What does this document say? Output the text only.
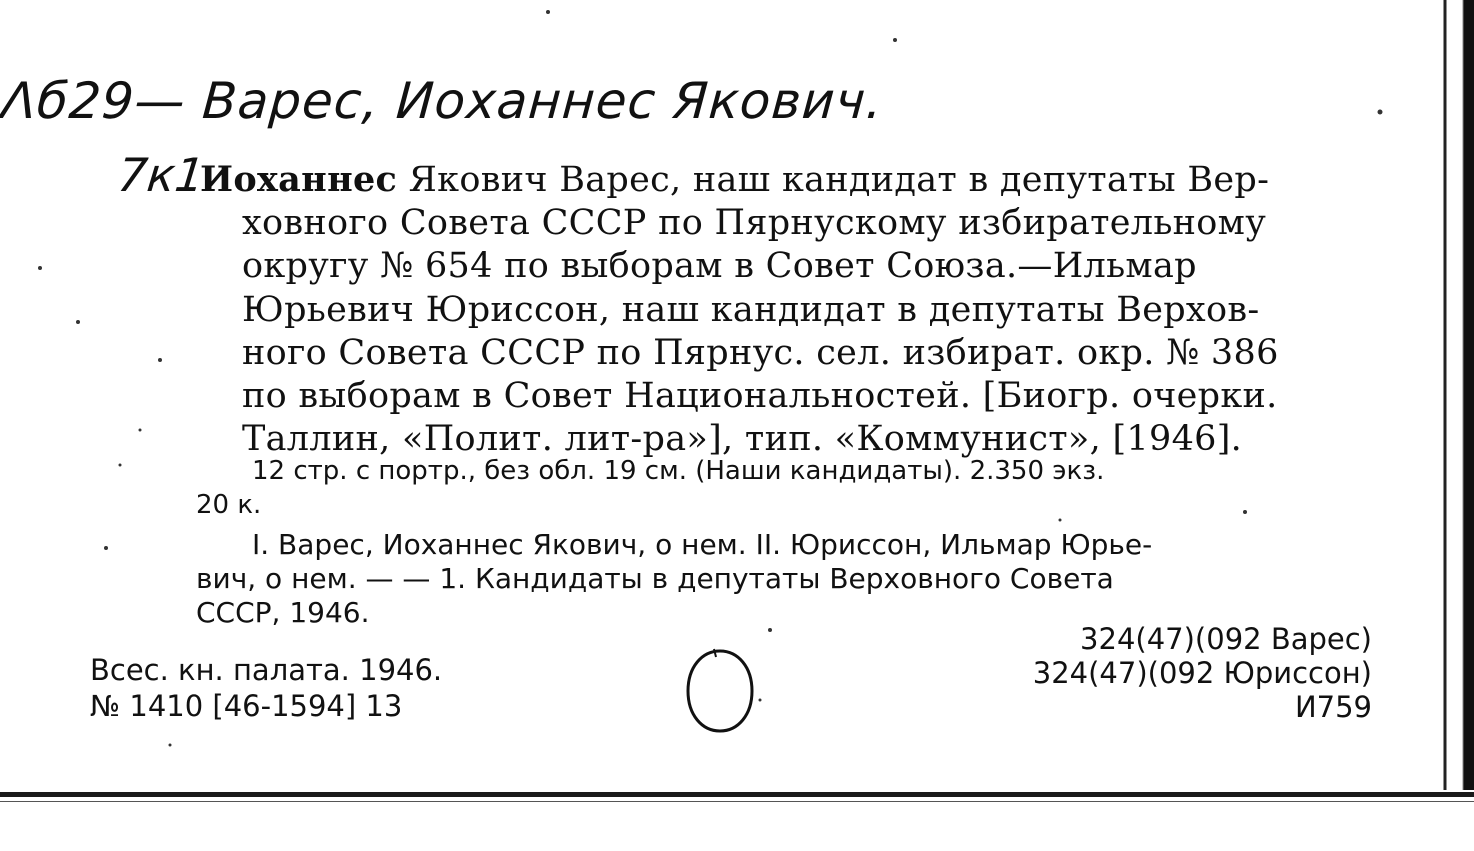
Λб29— Варес, Иоханнес Якович.
7к1
Иоханнес Якович Варес, наш кандидат в депутаты Вер-
ховного Совета СССР по Пярнускому избирательному
округу № 654 по выборам в Совет Союза.—Ильмар
Юрьевич Юриссон, наш кандидат в депутаты Верхов-
ного Совета СССР по Пярнус. сел. избират. окр. № 386
по выборам в Совет Национальностей. [Биогр. очерки.
Таллин, «Полит. лит-ра»], тип. «Коммунист», [1946].
12 стр. с портр., без обл. 19 см. (Наши кандидаты). 2.350 экз.
20 к.
I. Варес, Иоханнес Якович, о нем. II. Юриссон, Ильмар Юрье-
вич, о нем. — — 1. Кандидаты в депутаты Верховного Совета
СССР, 1946.
Всес. кн. палата. 1946.
№ 1410 [46-1594] 13
324(47)(092 Варес)
324(47)(092 Юриссон)
И759
